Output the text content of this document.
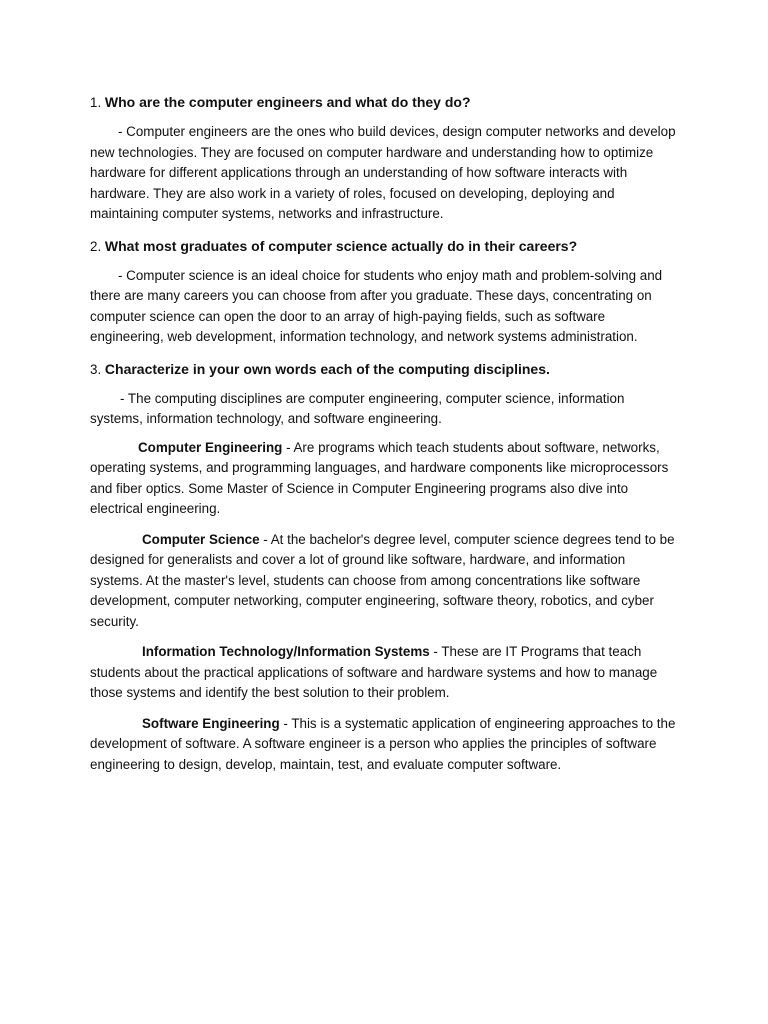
1. Who are the computer engineers and what do they do?

- Computer engineers are the ones who build devices, design computer networks and develop new technologies. They are focused on computer hardware and understanding how to optimize hardware for different applications through an understanding of how software interacts with hardware. They are also work in a variety of roles, focused on developing, deploying and maintaining computer systems, networks and infrastructure.

2. What most graduates of computer science actually do in their careers?

- Computer science is an ideal choice for students who enjoy math and problem-solving and there are many careers you can choose from after you graduate. These days, concentrating on computer science can open the door to an array of high-paying fields, such as software engineering, web development, information technology, and network systems administration.

3. Characterize in your own words each of the computing disciplines.

- The computing disciplines are computer engineering, computer science, information systems, information technology, and software engineering.

Computer Engineering - Are programs which teach students about software, networks, operating systems, and programming languages, and hardware components like microprocessors and fiber optics. Some Master of Science in Computer Engineering programs also dive into electrical engineering.

Computer Science - At the bachelor's degree level, computer science degrees tend to be designed for generalists and cover a lot of ground like software, hardware, and information systems. At the master's level, students can choose from among concentrations like software development, computer networking, computer engineering, software theory, robotics, and cyber security.

Information Technology/Information Systems - These are IT Programs that teach students about the practical applications of software and hardware systems and how to manage those systems and identify the best solution to their problem.

Software Engineering - This is a systematic application of engineering approaches to the development of software. A software engineer is a person who applies the principles of software engineering to design, develop, maintain, test, and evaluate computer software.
